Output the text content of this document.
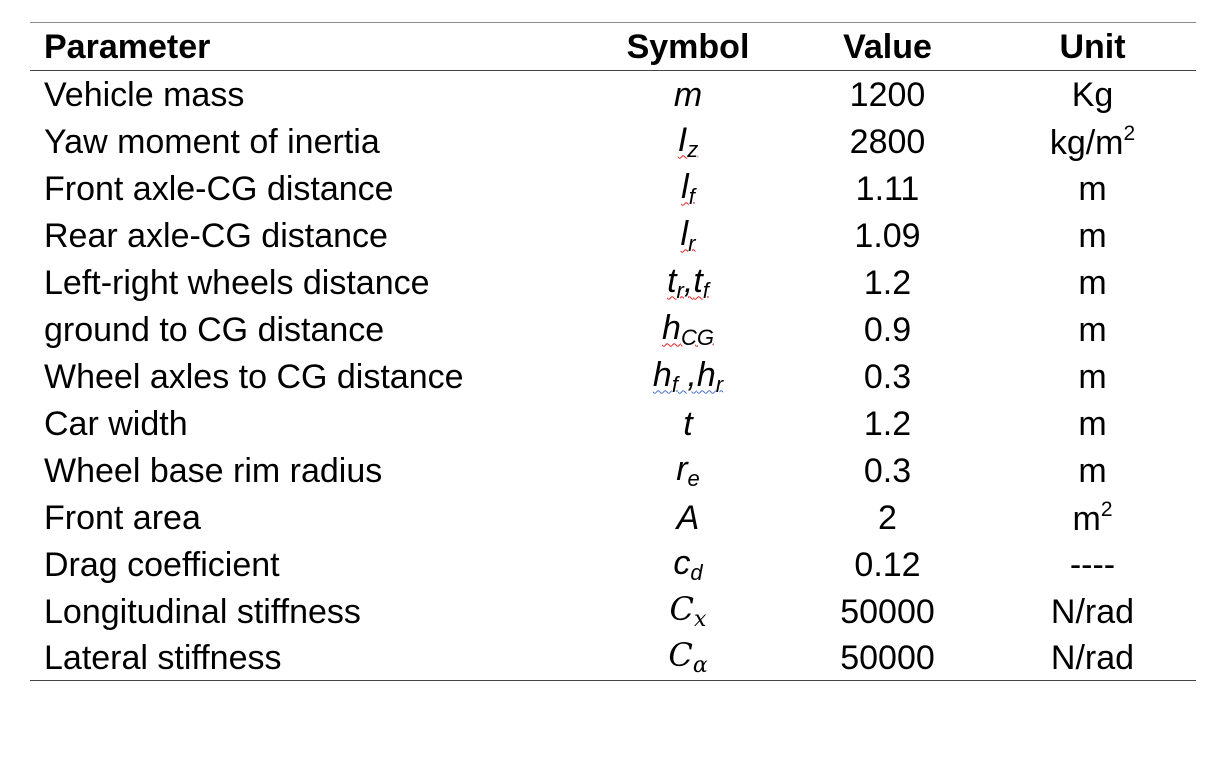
Parameter	Symbol	Value	Unit
Vehicle mass	m	1200	Kg
Yaw moment of inertia	$I_z$	2800	$kg/m^2$
Front axle-CG distance	$l_f$	1.11	m
Rear axle-CG distance	$l_r$	1.09	m
Left-right wheels distance	$t_r,t_f$	1.2	m
ground to CG distance	$h_{CG}$	0.9	m
Wheel axles to CG distance	$h_f$ $,h_r$	0.3	m
Car width	t	1.2	m
Wheel base rim radius	$r_e$	0.3	m
Front area	A	2	$m^2$
Drag coefficient	$c_d$	0.12	----
Longitudinal stiffness	$C_x$	50000	N/rad
Lateral stiffness	$C_\alpha$	50000	N/rad
